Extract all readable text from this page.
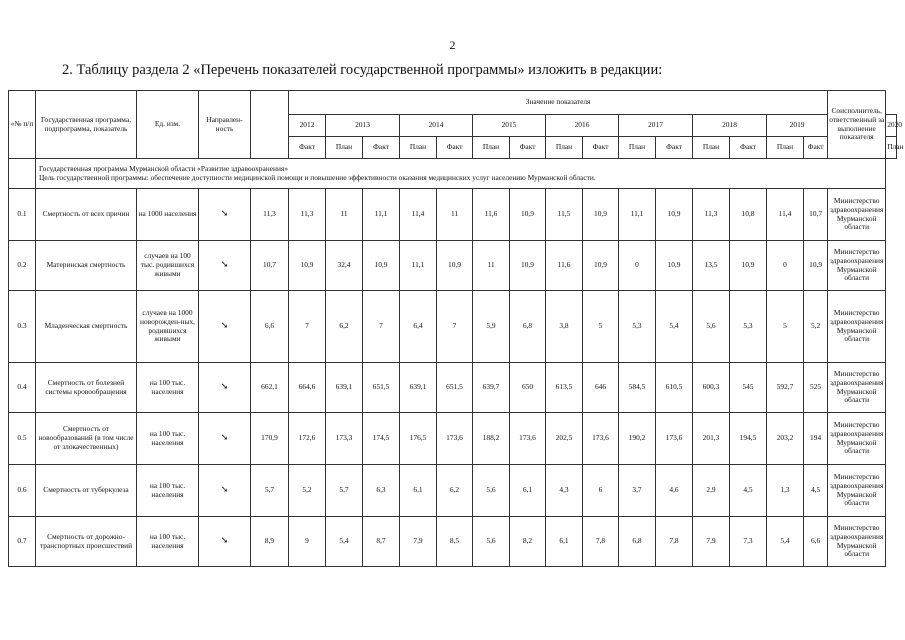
2
2. Таблицу раздела 2 «Перечень показателей государственной программы» изложить в редакции:
«№ п/п	Государственная программа, подпрограмма, показатель	Ед. изм.	Направлен-ность		Значение показателя															Соисполнитель, ответственный за выполнение показателя	
					2012	2013		2014		2015		2016		2017		2018		2019			2020
					Факт	План	Факт	План	Факт	План	Факт	План	Факт	План	Факт	План	Факт	План	Факт		План

	Государственная программа Мурманской области «Развитие здравоохранения»
Цель государственной программы: обеспечение доступности медицинской помощи и повышение эффективности оказания медицинских услуг населению Мурманской области.																				

0.1	Смертность от всех причин	на 1000 населения	➘	11,3	11,3	11	11,1	11,4	11	11,6	10,9	11,5	10,9	11,1	10,9	11,3	10,8	11,4	10,7	Министерство здравоохранения Мурманской области	
0.2	Материнская смертность	случаев на 100 тыс. родившихся живыми	➘	10,7	10,9	32,4	10,9	11,1	10,9	11	10,9	11,6	10,9	0	10,9	13,5	10,9	0	10,9	Министерство здравоохранения Мурманской области	
0.3	Младенческая смертность	случаев на 1000 новорожден-ных, родившихся живыми	➘	6,6	7	6,2	7	6,4	7	5,9	6,8	3,8	5	5,3	5,4	5,6	5,3	5	5,2	Министерство здравоохранения Мурманской области	
0.4	Смертность от болезней системы кровообращения	на 100 тыс. населения	➘	662,1	664,6	639,1	651,5	639,1	651,5	639,7	650	613,5	646	584,5	610,5	600,3	545	592,7	525	Министерство здравоохранения Мурманской области	
0.5	Смертность от новообразований (в том числе от злокачественных)	на 100 тыс. населения	➘	170,9	172,6	173,3	174,5	176,5	173,6	188,2	173,6	202,5	173,6	190,2	173,6	201,3	194,5	203,2	194	Министерство здравоохранения Мурманской области	
0.6	Смертность от туберкулеза	на 100 тыс. населения	➘	5,7	5,2	5,7	6,3	6,1	6,2	5,6	6,1	4,3	6	3,7	4,6	2,9	4,5	1,3	4,5	Министерство здравоохранения Мурманской области	
0.7	Смертность от дорожно-транспортных происшествий	на 100 тыс. населения	➘	8,9	9	5,4	8,7	7,9	8,5	5,6	8,2	6,1	7,8	6,8	7,8	7,9	7,3	5,4	6,6	Министерство здравоохранения Мурманской области	
